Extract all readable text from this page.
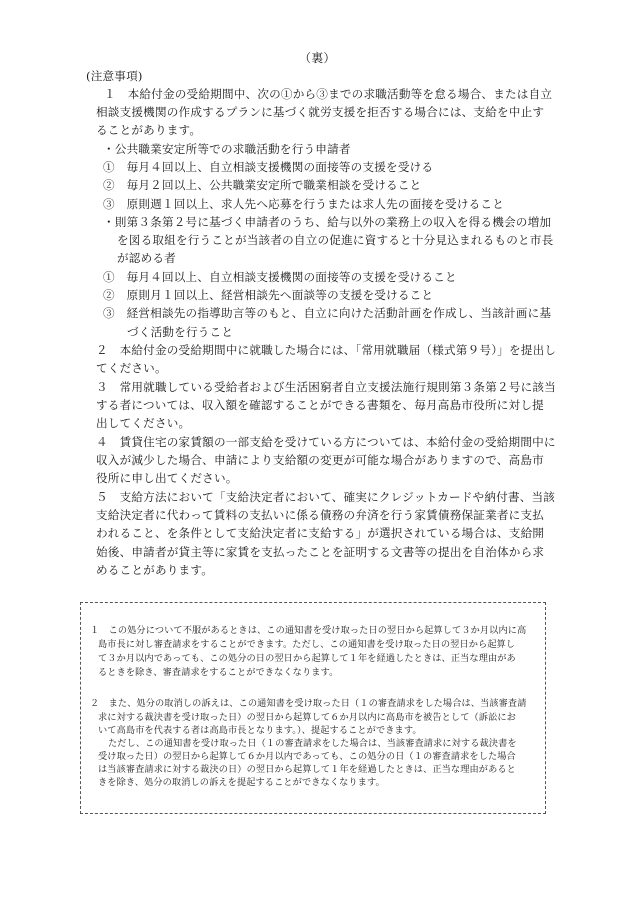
（裏）
(注意事項)
１　本給付金の受給期間中、次の①から③までの求職活動等を怠る場合、または自立
相談支援機関の作成するプランに基づく就労支援を拒否する場合には、支給を中止す
ることがあります。
・公共職業安定所等での求職活動を行う申請者
①　毎月４回以上、自立相談支援機関の面接等の支援を受ける
②　毎月２回以上、公共職業安定所で職業相談を受けること
③　原則週１回以上、求人先へ応募を行うまたは求人先の面接を受けること
・則第３条第２号に基づく申請者のうち、給与以外の業務上の収入を得る機会の増加
を図る取組を行うことが当該者の自立の促進に資すると十分見込まれるものと市長
が認める者
①　毎月４回以上、自立相談支援機関の面接等の支援を受けること
②　原則月１回以上、経営相談先へ面談等の支援を受けること
③　経営相談先の指導助言等のもと、自立に向けた活動計画を作成し、当該計画に基
づく活動を行うこと
２　本給付金の受給期間中に就職した場合には、「常用就職届（様式第９号）」を提出し
てください。
３　常用就職している受給者および生活困窮者自立支援法施行規則第３条第２号に該当
する者については、収入額を確認することができる書類を、毎月高島市役所に対し提
出してください。
４　賃貸住宅の家賃額の一部支給を受けている方については、本給付金の受給期間中に
収入が減少した場合、申請により支給額の変更が可能な場合がありますので、高島市
役所に申し出てください。
５　支給方法において「支給決定者において、確実にクレジットカードや納付書、当該
支給決定者に代わって賃料の支払いに係る債務の弁済を行う家賃債務保証業者に支払
われること、を条件として支給決定者に支給する」が選択されている場合は、支給開
始後、申請者が貸主等に家賃を支払ったことを証明する文書等の提出を自治体から求
めることがあります。
１　この処分について不服があるときは、この通知書を受け取った日の翌日から起算して３か月以内に高
島市長に対し審査請求をすることができます。ただし、この通知書を受け取った日の翌日から起算し
て３か月以内であっても、この処分の日の翌日から起算して１年を経過したときは、正当な理由があ
るときを除き、審査請求をすることができなくなります。
２　また、処分の取消しの訴えは、この通知書を受け取った日（１の審査請求をした場合は、当該審査請
求に対する裁決書を受け取った日）の翌日から起算して６か月以内に高島市を被告として（訴訟にお
いて高島市を代表する者は高島市長となります。）、提起することができます。
ただし、この通知書を受け取った日（１の審査請求をした場合は、当該審査請求に対する裁決書を
受け取った日）の翌日から起算して６か月以内であっても、この処分の日（１の審査請求をした場合
は当該審査請求に対する裁決の日）の翌日から起算して１年を経過したときは、正当な理由があると
きを除き、処分の取消しの訴えを提起することができなくなります。
